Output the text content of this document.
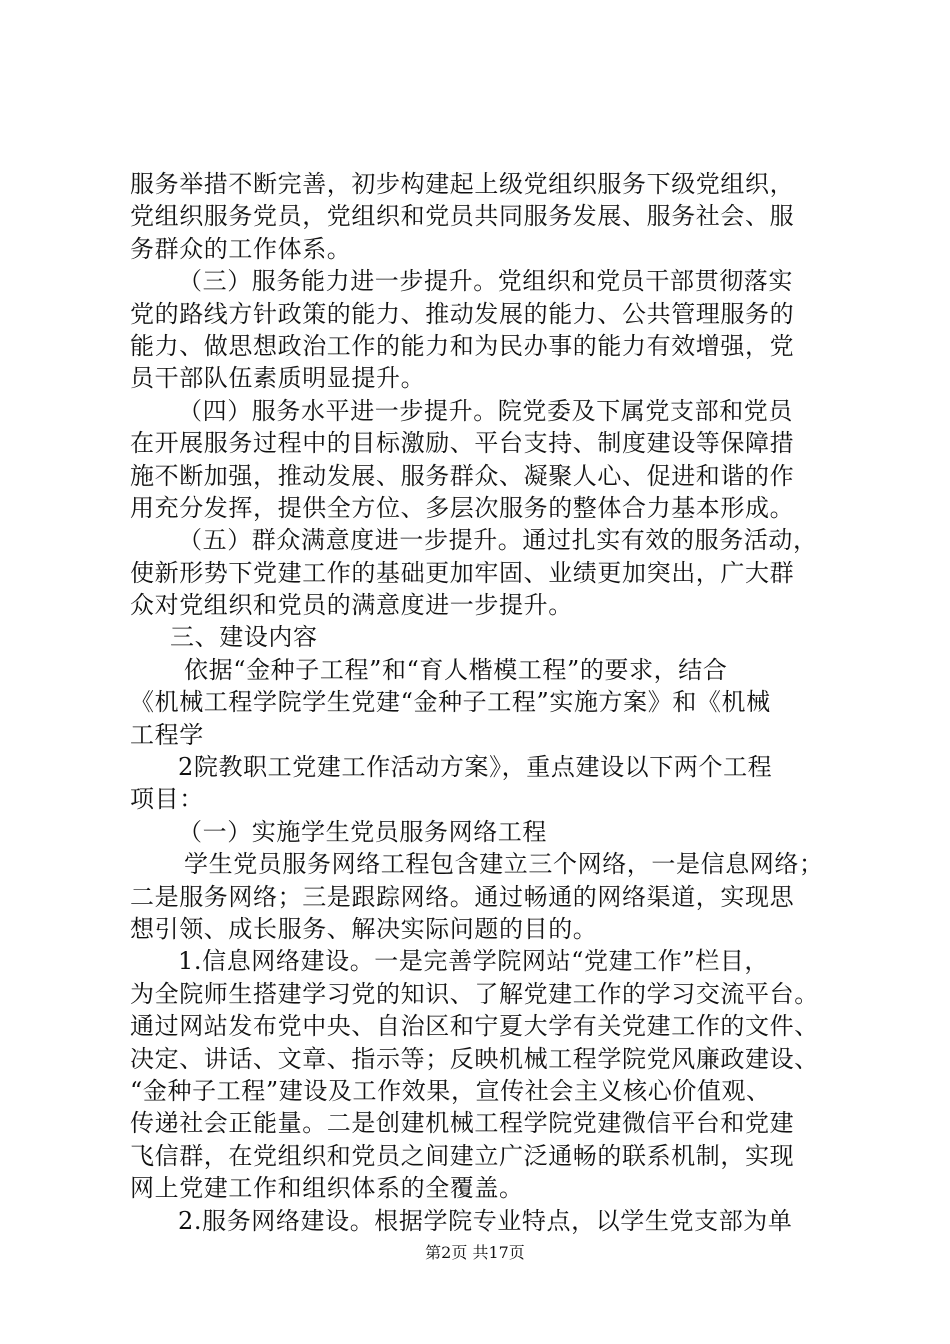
服务举措不断完善，初步构建起上级党组织服务下级党组织，
党组织服务党员，党组织和党员共同服务发展、服务社会、服
务群众的工作体系。
（三）服务能力进一步提升。党组织和党员干部贯彻落实
党的路线方针政策的能力、推动发展的能力、公共管理服务的
能力、做思想政治工作的能力和为民办事的能力有效增强，党
员干部队伍素质明显提升。
（四）服务水平进一步提升。院党委及下属党支部和党员
在开展服务过程中的目标激励、平台支持、制度建设等保障措
施不断加强，推动发展、服务群众、凝聚人心、促进和谐的作
用充分发挥，提供全方位、多层次服务的整体合力基本形成。
（五）群众满意度进一步提升。通过扎实有效的服务活动，
使新形势下党建工作的基础更加牢固、业绩更加突出，广大群
众对党组织和党员的满意度进一步提升。
三、建设内容
依据“金种子工程”和“育人楷模工程”的要求，结合
《机械工程学院学生党建“金种子工程”实施方案》和《机械
工程学
2院教职工党建工作活动方案》，重点建设以下两个工程
项目：
（一）实施学生党员服务网络工程
学生党员服务网络工程包含建立三个网络，一是信息网络；
二是服务网络；三是跟踪网络。通过畅通的网络渠道，实现思
想引领、成长服务、解决实际问题的目的。
1.信息网络建设。一是完善学院网站“党建工作”栏目，
为全院师生搭建学习党的知识、了解党建工作的学习交流平台。
通过网站发布党中央、自治区和宁夏大学有关党建工作的文件、
决定、讲话、文章、指示等；反映机械工程学院党风廉政建设、
“金种子工程”建设及工作效果，宣传社会主义核心价值观、
传递社会正能量。二是创建机械工程学院党建微信平台和党建
飞信群，在党组织和党员之间建立广泛通畅的联系机制，实现
网上党建工作和组织体系的全覆盖。
2.服务网络建设。根据学院专业特点，以学生党支部为单
第2页 共17页
